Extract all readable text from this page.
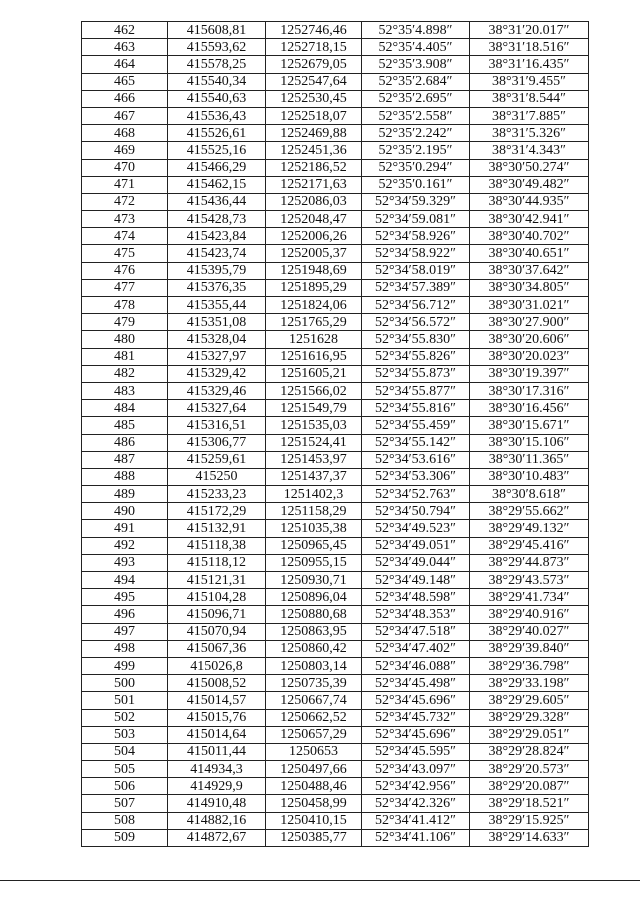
462	415608,81	1252746,46	52°35′4.898″	38°31′20.017″
463	415593,62	1252718,15	52°35′4.405″	38°31′18.516″
464	415578,25	1252679,05	52°35′3.908″	38°31′16.435″
465	415540,34	1252547,64	52°35′2.684″	38°31′9.455″
466	415540,63	1252530,45	52°35′2.695″	38°31′8.544″
467	415536,43	1252518,07	52°35′2.558″	38°31′7.885″
468	415526,61	1252469,88	52°35′2.242″	38°31′5.326″
469	415525,16	1252451,36	52°35′2.195″	38°31′4.343″
470	415466,29	1252186,52	52°35′0.294″	38°30′50.274″
471	415462,15	1252171,63	52°35′0.161″	38°30′49.482″
472	415436,44	1252086,03	52°34′59.329″	38°30′44.935″
473	415428,73	1252048,47	52°34′59.081″	38°30′42.941″
474	415423,84	1252006,26	52°34′58.926″	38°30′40.702″
475	415423,74	1252005,37	52°34′58.922″	38°30′40.651″
476	415395,79	1251948,69	52°34′58.019″	38°30′37.642″
477	415376,35	1251895,29	52°34′57.389″	38°30′34.805″
478	415355,44	1251824,06	52°34′56.712″	38°30′31.021″
479	415351,08	1251765,29	52°34′56.572″	38°30′27.900″
480	415328,04	1251628	52°34′55.830″	38°30′20.606″
481	415327,97	1251616,95	52°34′55.826″	38°30′20.023″
482	415329,42	1251605,21	52°34′55.873″	38°30′19.397″
483	415329,46	1251566,02	52°34′55.877″	38°30′17.316″
484	415327,64	1251549,79	52°34′55.816″	38°30′16.456″
485	415316,51	1251535,03	52°34′55.459″	38°30′15.671″
486	415306,77	1251524,41	52°34′55.142″	38°30′15.106″
487	415259,61	1251453,97	52°34′53.616″	38°30′11.365″
488	415250	1251437,37	52°34′53.306″	38°30′10.483″
489	415233,23	1251402,3	52°34′52.763″	38°30′8.618″
490	415172,29	1251158,29	52°34′50.794″	38°29′55.662″
491	415132,91	1251035,38	52°34′49.523″	38°29′49.132″
492	415118,38	1250965,45	52°34′49.051″	38°29′45.416″
493	415118,12	1250955,15	52°34′49.044″	38°29′44.873″
494	415121,31	1250930,71	52°34′49.148″	38°29′43.573″
495	415104,28	1250896,04	52°34′48.598″	38°29′41.734″
496	415096,71	1250880,68	52°34′48.353″	38°29′40.916″
497	415070,94	1250863,95	52°34′47.518″	38°29′40.027″
498	415067,36	1250860,42	52°34′47.402″	38°29′39.840″
499	415026,8	1250803,14	52°34′46.088″	38°29′36.798″
500	415008,52	1250735,39	52°34′45.498″	38°29′33.198″
501	415014,57	1250667,74	52°34′45.696″	38°29′29.605″
502	415015,76	1250662,52	52°34′45.732″	38°29′29.328″
503	415014,64	1250657,29	52°34′45.696″	38°29′29.051″
504	415011,44	1250653	52°34′45.595″	38°29′28.824″
505	414934,3	1250497,66	52°34′43.097″	38°29′20.573″
506	414929,9	1250488,46	52°34′42.956″	38°29′20.087″
507	414910,48	1250458,99	52°34′42.326″	38°29′18.521″
508	414882,16	1250410,15	52°34′41.412″	38°29′15.925″
509	414872,67	1250385,77	52°34′41.106″	38°29′14.633″
